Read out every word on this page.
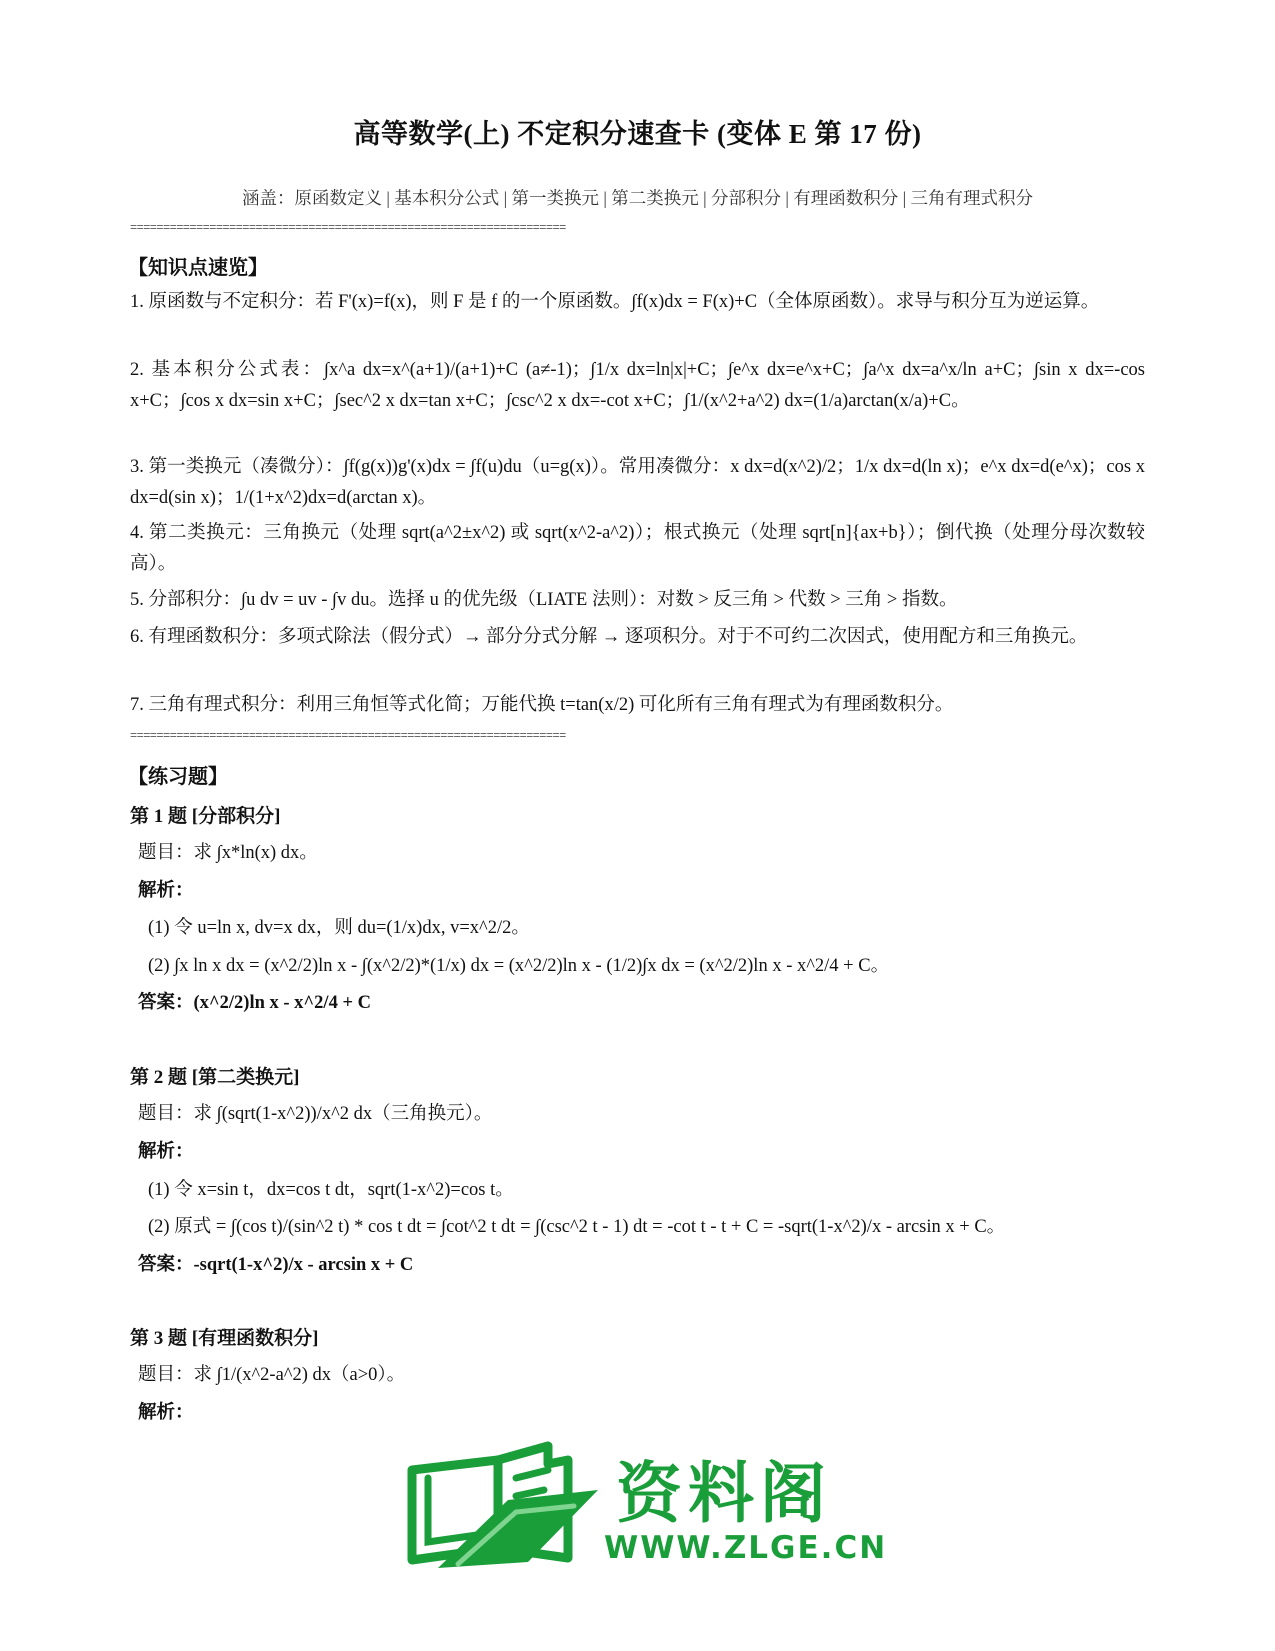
高等数学(上) 不定积分速查卡 (变体 E 第 17 份)
涵盖：原函数定义 | 基本积分公式 | 第一类换元 | 第二类换元 | 分部积分 | 有理函数积分 | 三角有理式积分
==================================================================
【知识点速览】
1. 原函数与不定积分：若 F'(x)=f(x)，则 F 是 f 的一个原函数。∫f(x)dx = F(x)+C（全体原函数）。求导与积分互为逆运算。
2. 基本积分公式表：∫x^a dx=x^(a+1)/(a+1)+C (a≠-1)；∫1/x dx=ln|x|+C；∫e^x dx=e^x+C；∫a^x dx=a^x/ln a+C；∫sin x dx=-cos x+C；∫cos x dx=sin x+C；∫sec^2 x dx=tan x+C；∫csc^2 x dx=-cot x+C；∫1/(x^2+a^2) dx=(1/a)arctan(x/a)+C。
3. 第一类换元（凑微分）：∫f(g(x))g'(x)dx = ∫f(u)du（u=g(x)）。常用凑微分：x dx=d(x^2)/2；1/x dx=d(ln x)；e^x dx=d(e^x)；cos x dx=d(sin x)；1/(1+x^2)dx=d(arctan x)。
4. 第二类换元：三角换元（处理 sqrt(a^2±x^2) 或 sqrt(x^2-a^2)）；根式换元（处理 sqrt[n]{ax+b}）；倒代换（处理分母次数较高）。
5. 分部积分：∫u dv = uv - ∫v du。选择 u 的优先级（LIATE 法则）：对数 > 反三角 > 代数 > 三角 > 指数。
6. 有理函数积分：多项式除法（假分式）→ 部分分式分解 → 逐项积分。对于不可约二次因式，使用配方和三角换元。
7. 三角有理式积分：利用三角恒等式化简；万能代换 t=tan(x/2) 可化所有三角有理式为有理函数积分。
==================================================================
【练习题】
第 1 题 [分部积分]
题目：求 ∫x*ln(x) dx。
解析：
(1) 令 u=ln x, dv=x dx，则 du=(1/x)dx, v=x^2/2。
(2) ∫x ln x dx = (x^2/2)ln x - ∫(x^2/2)*(1/x) dx = (x^2/2)ln x - (1/2)∫x dx = (x^2/2)ln x - x^2/4 + C。
答案：(x^2/2)ln x - x^2/4 + C
第 2 题 [第二类换元]
题目：求 ∫(sqrt(1-x^2))/x^2 dx（三角换元）。
解析：
(1) 令 x=sin t，dx=cos t dt，sqrt(1-x^2)=cos t。
(2) 原式 = ∫(cos t)/(sin^2 t) * cos t dt = ∫cot^2 t dt = ∫(csc^2 t - 1) dt = -cot t - t + C = -sqrt(1-x^2)/x - arcsin x + C。
答案：-sqrt(1-x^2)/x - arcsin x + C
第 3 题 [有理函数积分]
题目：求 ∫1/(x^2-a^2) dx（a>0）。
解析：
资料阁
WWW.ZLGE.CN
